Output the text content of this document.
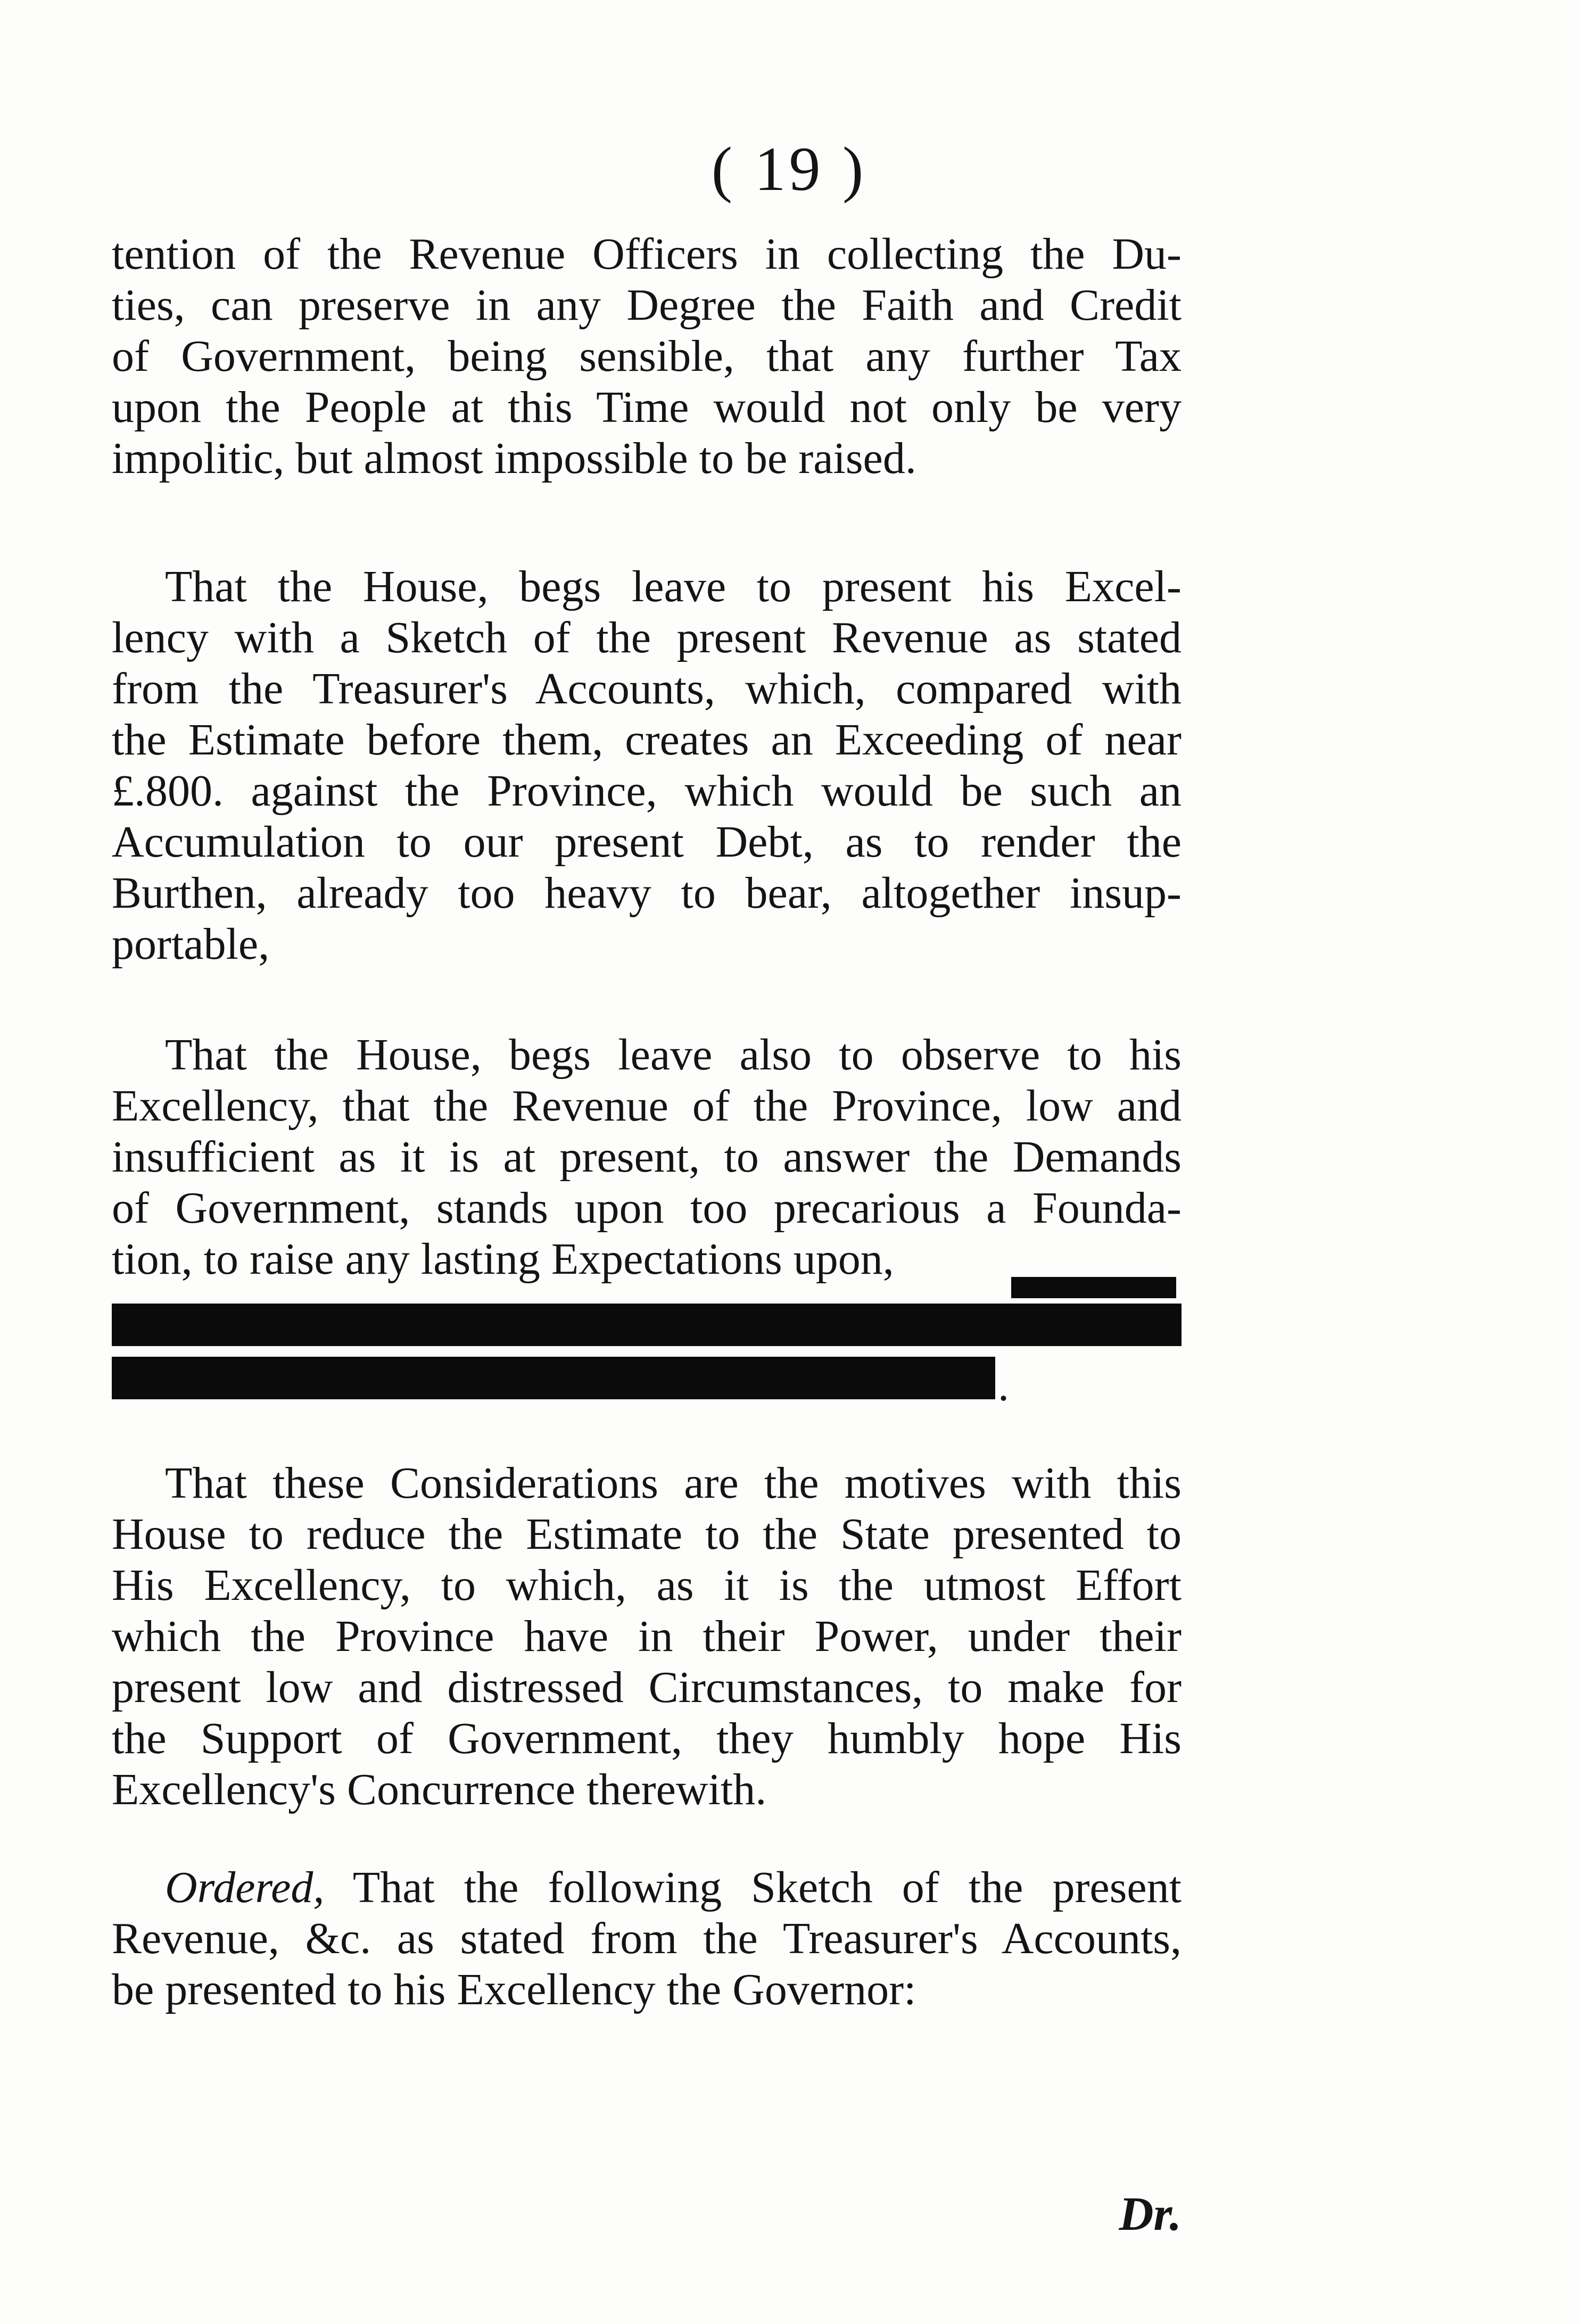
( 19 )
tention of the Revenue Officers in collecting the Du-
ties, can preserve in any Degree the Faith and Credit
of Government, being sensible, that any further Tax
upon the People at this Time would not only be very
impolitic, but almost impossible to be raised.
That the House, begs leave to present his Excel-
lency with a Sketch of the present Revenue as stated
from the Treasurer's Accounts, which, compared with
the Estimate before them, creates an Exceeding of near
£.800. against the Province, which would be such an
Accumulation to our present Debt, as to render the
Burthen, already too heavy to bear, altogether insup-
portable,
That the House, begs leave also to observe to his
Excellency, that the Revenue of the Province, low and
insufficient as it is at present, to answer the Demands
of Government, stands upon too precarious a Founda-
tion, to raise any lasting Expectations upon,
.
That these Considerations are the motives with this
House to reduce the Estimate to the State presented to
His Excellency, to which, as it is the utmost Effort
which the Province have in their Power, under their
present low and distressed Circumstances, to make for
the Support of Government, they humbly hope His
Excellency's Concurrence therewith.
Ordered, That the following Sketch of the present
Revenue, &c. as stated from the Treasurer's Accounts,
be presented to his Excellency the Governor:
Dr.
